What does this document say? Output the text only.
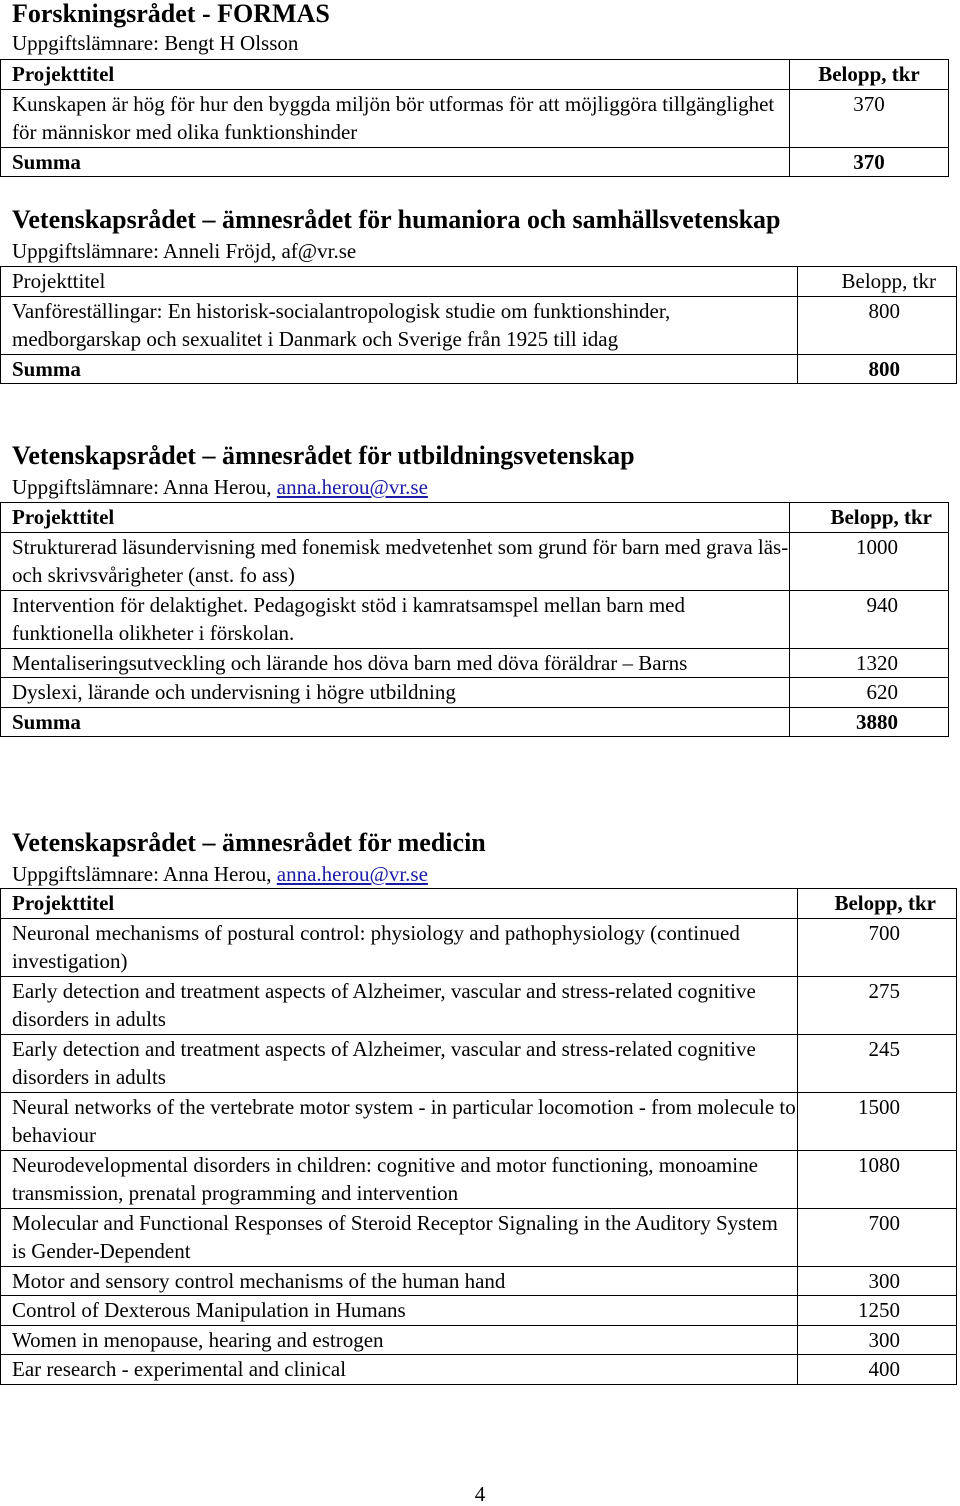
Forskningsrådet - FORMAS
Uppgiftslämnare: Bengt H Olsson
Projekttitel	Belopp, tkr
Kunskapen är hög för hur den byggda miljön bör utformas för att möjliggöra tillgänglighet för människor med olika funktionshinder	370
Summa	370
Vetenskapsrådet – ämnesrådet för humaniora och samhällsvetenskap
Uppgiftslämnare: Anneli Fröjd, af@vr.se
Projekttitel	Belopp, tkr
Vanföreställingar: En historisk-socialantropologisk studie om funktionshinder, medborgarskap och sexualitet i Danmark och Sverige från 1925 till idag	800
Summa	800
Vetenskapsrådet – ämnesrådet för utbildningsvetenskap
Uppgiftslämnare: Anna Herou, anna.herou@vr.se
Projekttitel	Belopp, tkr
Strukturerad läsundervisning med fonemisk medvetenhet som grund för barn med grava läs- och skrivsvårigheter (anst. fo ass)	1000
Intervention för delaktighet. Pedagogiskt stöd i kamratsamspel mellan barn med funktionella olikheter i förskolan.	940
Mentaliseringsutveckling och lärande hos döva barn med döva föräldrar – Barns	1320
Dyslexi, lärande och undervisning i högre utbildning	620
Summa	3880
Vetenskapsrådet – ämnesrådet för medicin
Uppgiftslämnare: Anna Herou, anna.herou@vr.se
Projekttitel	Belopp, tkr
Neuronal mechanisms of postural control: physiology and pathophysiology (continued investigation)	700
Early detection and treatment aspects of Alzheimer, vascular and stress-related cognitive disorders in adults	275
Early detection and treatment aspects of Alzheimer, vascular and stress-related cognitive disorders in adults	245
Neural networks of the vertebrate motor system - in particular locomotion - from molecule to behaviour	1500
Neurodevelopmental disorders in children: cognitive and motor functioning, monoamine transmission, prenatal programming and intervention	1080
Molecular and Functional Responses of Steroid Receptor Signaling in the Auditory System is Gender-Dependent	700
Motor and sensory control mechanisms of the human hand	300
Control of Dexterous Manipulation in Humans	1250
Women in menopause, hearing and estrogen	300
Ear research - experimental and clinical	400
4
